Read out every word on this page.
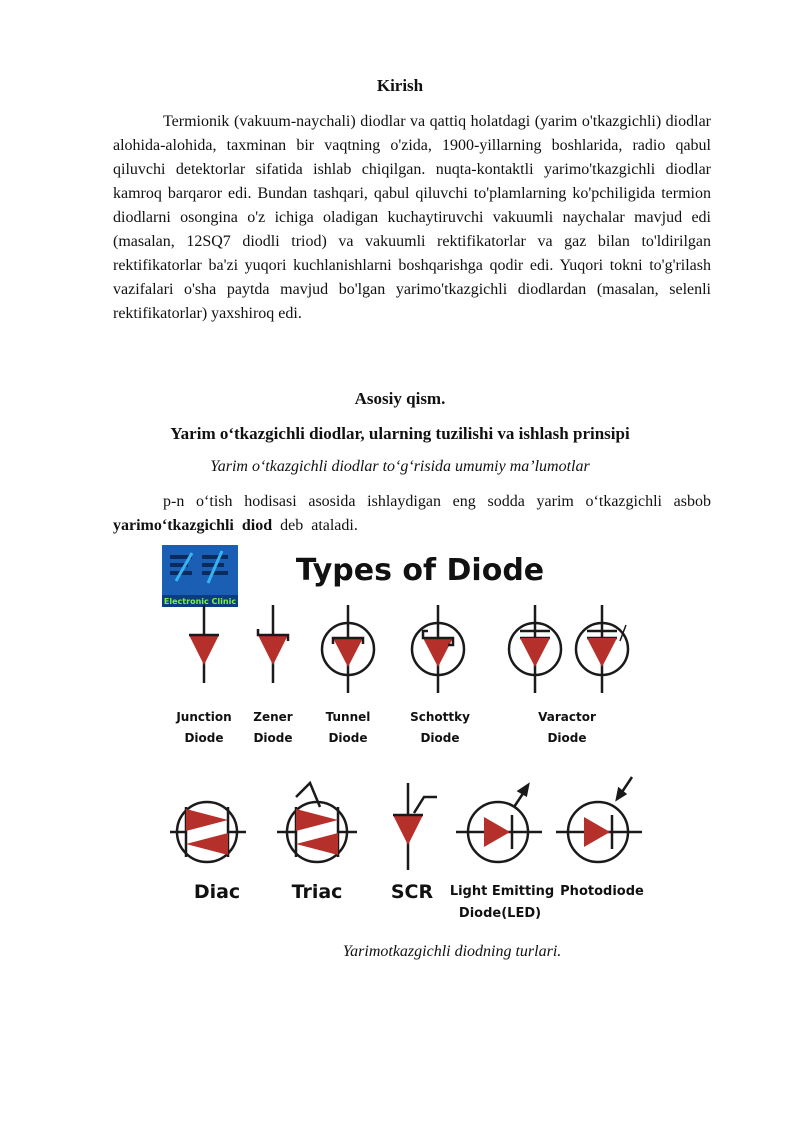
Kirish

Termionik (vakuum-naychali) diodlar va qattiq holatdagi (yarim o'tkazgichli) diodlar alohida-alohida, taxminan bir vaqtning o'zida, 1900-yillarning boshlarida, radio qabul qiluvchi detektorlar sifatida ishlab chiqilgan. nuqta-kontaktli yarimo'tkazgichli diodlar kamroq barqaror edi. Bundan tashqari, qabul qiluvchi to'plamlarning ko'pchiligida termion diodlarni osongina o'z ichiga oladigan kuchaytiruvchi vakuumli naychalar mavjud edi (masalan, 12SQ7 diodli triod) va vakuumli rektifikatorlar va gaz bilan to'ldirilgan rektifikatorlar ba'zi yuqori kuchlanishlarni boshqarishga qodir edi. Yuqori tokni to'g'rilash vazifalari o'sha paytda mavjud bo'lgan yarimo'tkazgichli diodlardan (masalan, selenli rektifikatorlar) yaxshiroq edi.

Asosiy qism.
Yarim o‘tkazgichli diodlar, ularning tuzilishi va ishlash prinsipi
Yarim o‘tkazgichli diodlar to‘g‘risida umumiy ma’lumotlar

p-n o‘tish hodisasi asosida ishlaydigan eng sodda yarim o‘tkazgichli asbob yarimo‘tkazgichli diod deb ataladi.

Electronic Clinic
Types of Diode
Junction
Diode
Zener
Diode
Tunnel
Diode
Schottky
Diode
Varactor
Diode
Diac	Triac	SCR Light Emitting
Diode(LED)
Photodiode
Yarimotkazgichli diodning turlari.
